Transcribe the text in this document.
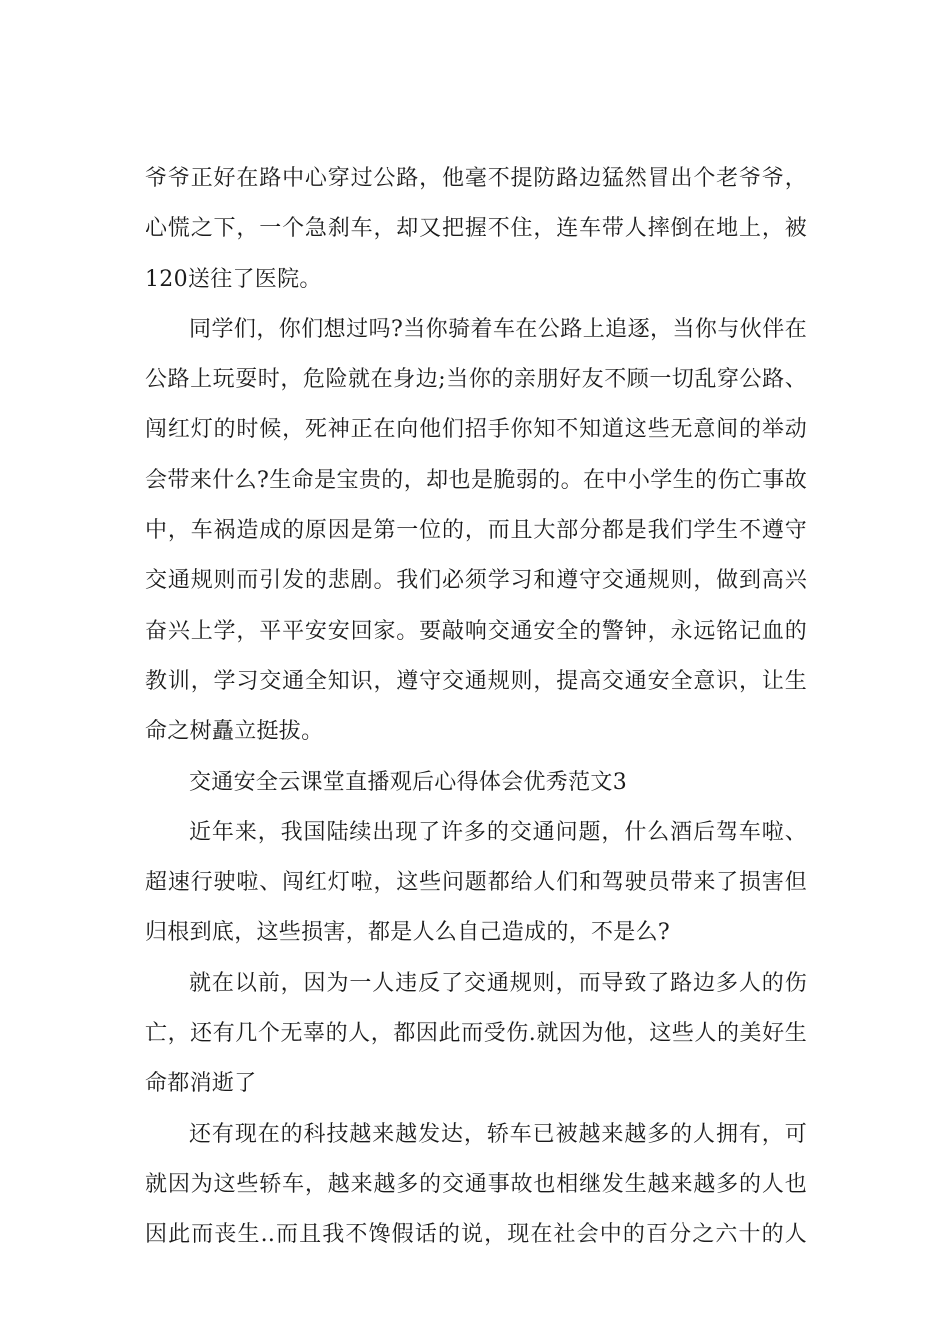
爷爷正好在路中心穿过公路，他毫不提防路边猛然冒出个老爷爷，
心慌之下，一个急刹车，却又把握不住，连车带人摔倒在地上，被
120送往了医院。
同学们，你们想过吗?当你骑着车在公路上追逐，当你与伙伴在
公路上玩耍时，危险就在身边;当你的亲朋好友不顾一切乱穿公路、
闯红灯的时候，死神正在向他们招手你知不知道这些无意间的举动
会带来什么?生命是宝贵的，却也是脆弱的。在中小学生的伤亡事故
中，车祸造成的原因是第一位的，而且大部分都是我们学生不遵守
交通规则而引发的悲剧。我们必须学习和遵守交通规则，做到高兴
奋兴上学，平平安安回家。要敲响交通安全的警钟，永远铭记血的
教训，学习交通全知识，遵守交通规则，提高交通安全意识，让生
命之树矗立挺拔。
交通安全云课堂直播观后心得体会优秀范文3
近年来，我国陆续出现了许多的交通问题，什么酒后驾车啦、
超速行驶啦、闯红灯啦，这些问题都给人们和驾驶员带来了损害但
归根到底，这些损害，都是人么自己造成的，不是么?
就在以前，因为一人违反了交通规则，而导致了路边多人的伤
亡，还有几个无辜的人，都因此而受伤.就因为他，这些人的美好生
命都消逝了
还有现在的科技越来越发达，轿车已被越来越多的人拥有，可
就因为这些轿车，越来越多的交通事故也相继发生越来越多的人也
因此而丧生..而且我不馋假话的说，现在社会中的百分之六十的人
